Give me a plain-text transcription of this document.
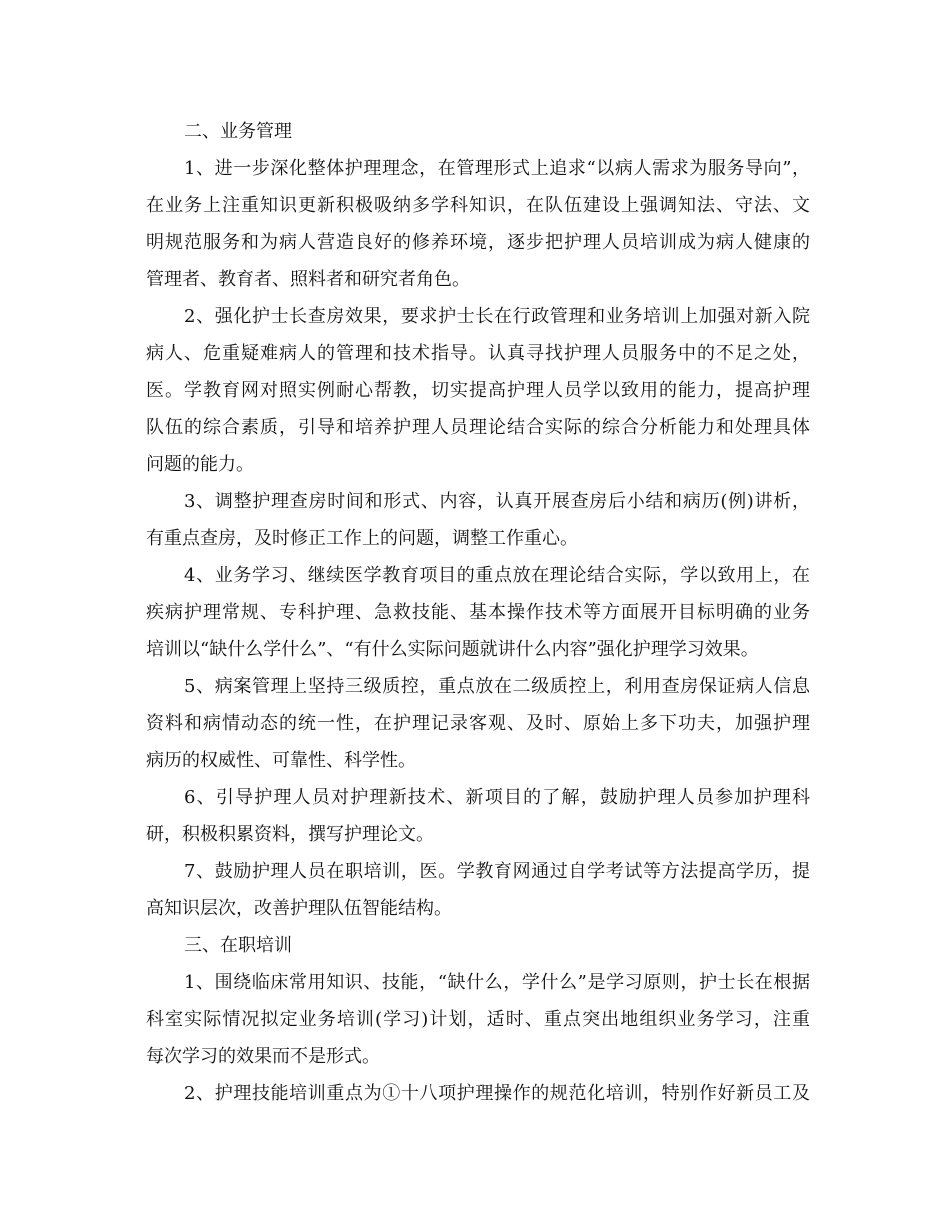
二、业务管理

1、进一步深化整体护理理念，在管理形式上追求“以病人需求为服务导向”，

在业务上注重知识更新积极吸纳多学科知识，在队伍建设上强调知法、守法、文

明规范服务和为病人营造良好的修养环境，逐步把护理人员培训成为病人健康的

管理者、教育者、照料者和研究者角色。

2、强化护士长查房效果，要求护士长在行政管理和业务培训上加强对新入院

病人、危重疑难病人的管理和技术指导。认真寻找护理人员服务中的不足之处，

医。学教育网对照实例耐心帮教，切实提高护理人员学以致用的能力，提高护理

队伍的综合素质，引导和培养护理人员理论结合实际的综合分析能力和处理具体

问题的能力。

3、调整护理查房时间和形式、内容，认真开展查房后小结和病历(例)讲析，

有重点查房，及时修正工作上的问题，调整工作重心。

4、业务学习、继续医学教育项目的重点放在理论结合实际，学以致用上，在

疾病护理常规、专科护理、急救技能、基本操作技术等方面展开目标明确的业务

培训以“缺什么学什么”、“有什么实际问题就讲什么内容”强化护理学习效果。

5、病案管理上坚持三级质控，重点放在二级质控上，利用查房保证病人信息

资料和病情动态的统一性，在护理记录客观、及时、原始上多下功夫，加强护理

病历的权威性、可靠性、科学性。

6、引导护理人员对护理新技术、新项目的了解，鼓励护理人员参加护理科

研，积极积累资料，撰写护理论文。

7、鼓励护理人员在职培训，医。学教育网通过自学考试等方法提高学历，提

高知识层次，改善护理队伍智能结构。

三、在职培训

1、围绕临床常用知识、技能，“缺什么，学什么”是学习原则，护士长在根据

科室实际情况拟定业务培训(学习)计划，适时、重点突出地组织业务学习，注重

每次学习的效果而不是形式。

2、护理技能培训重点为①十八项护理操作的规范化培训，特别作好新员工及
